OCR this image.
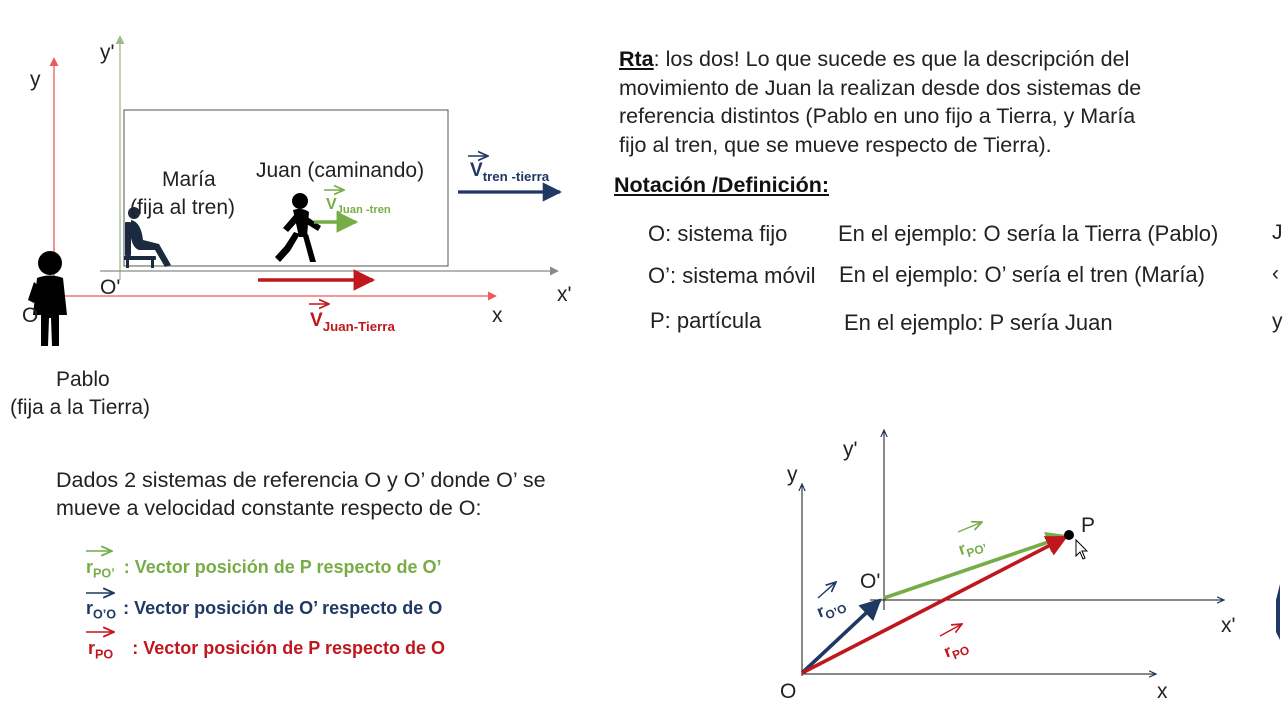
y
y'
x
x'
O
O'
María
(fija al tren)
Juan (caminando)
Pablo
(fija a la Tierra)
$V_{tren -tierra}$
$V_{Juan -tren}$
$V_{Juan-Tierra}$
Rta: los dos! Lo que sucede es que la descripción del
movimiento de Juan la realizan desde dos sistemas de
referencia distintos (Pablo en uno fijo a Tierra, y María
fijo al tren, que se mueve respecto de Tierra).
Notación /Definición:
O: sistema fijo En el ejemplo: O sería la Tierra (Pablo)
O’: sistema móvil En el ejemplo: O’ sería el tren (María)
P: partícula	En el ejemplo: P sería Juan
J
‹
y
Dados 2 sistemas de referencia O y O’ donde O’ se
mueve a velocidad constante respecto de O:
$r_{PO’}$ : Vector posición de P respecto de O’
$r_{O’O}$ : Vector posición de O’ respecto de O
$r_{PO}$ : Vector posición de P respecto de O
y
y'
x
x'
O
O'
P
$r_{O’O}$
$r_{PO’}$
$r_{PO}$
